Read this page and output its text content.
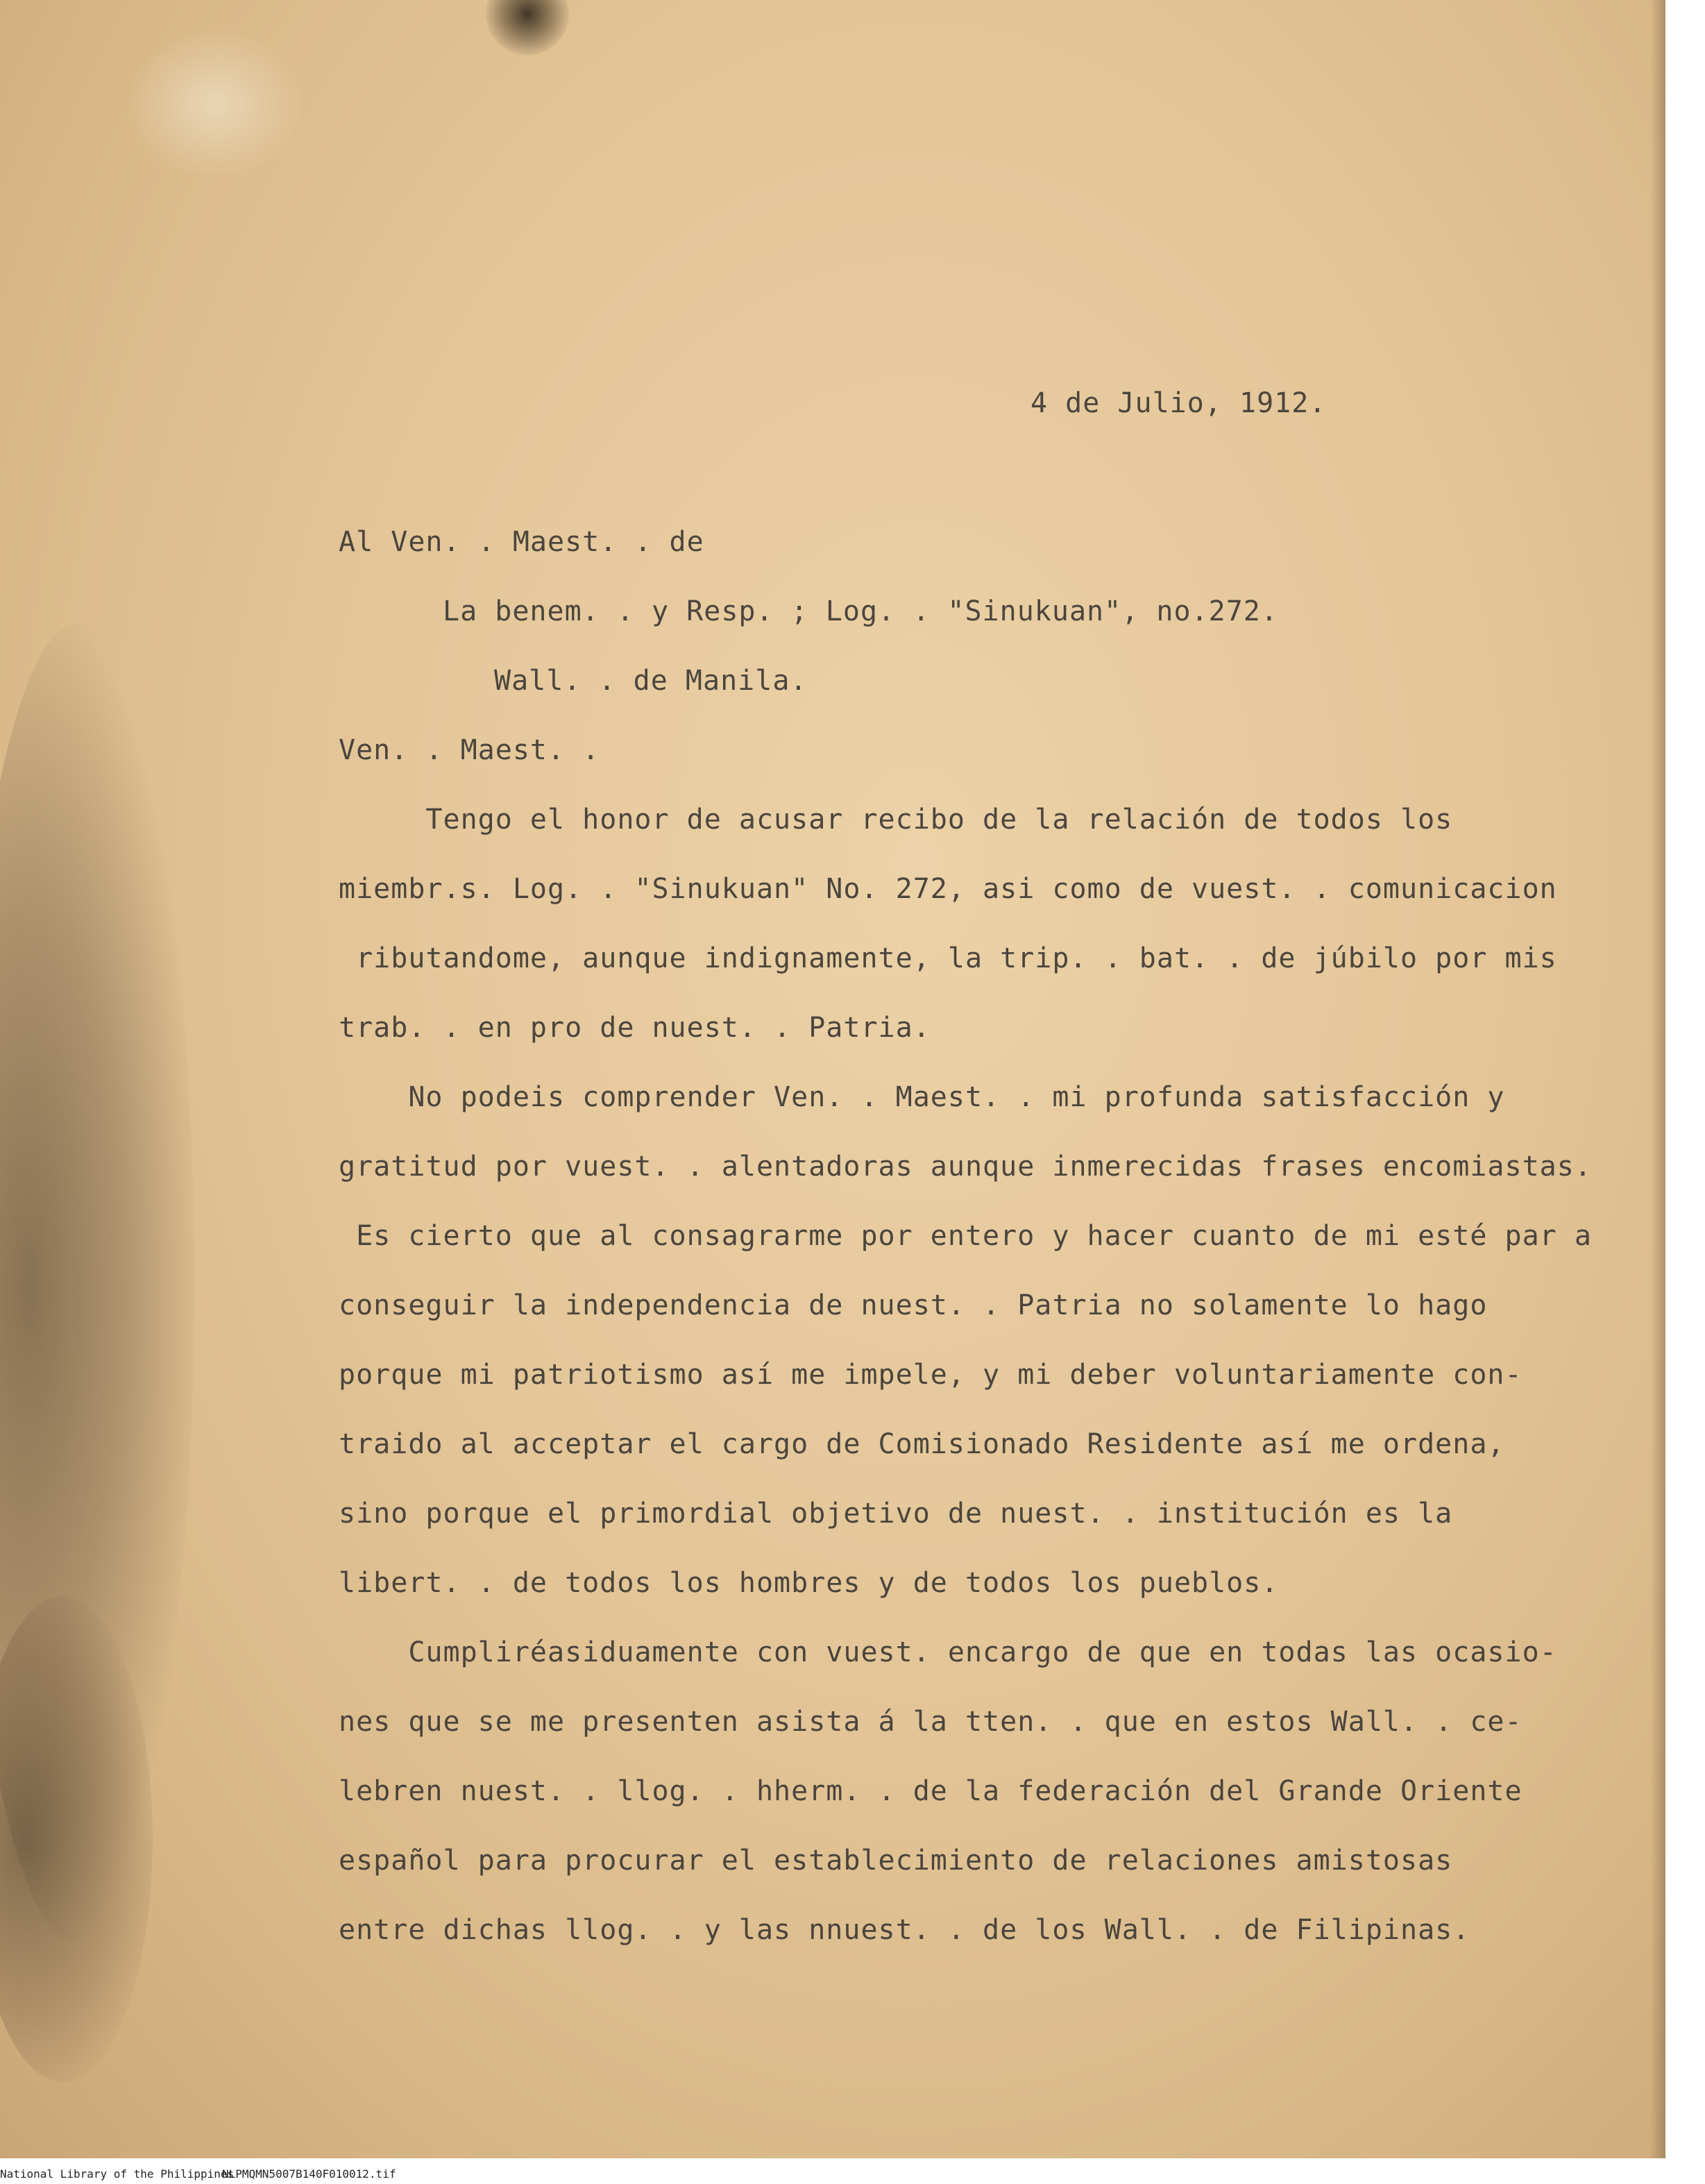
4 de Julio, 1912.
Al Ven. . Maest. . de
La benem. . y Resp. ; Log. . "Sinukuan", no.272.
Wall. . de Manila.
Ven. . Maest. .
Tengo el honor de acusar recibo de la relación de todos los
miembr.s. Log. . "Sinukuan" No. 272, asi como de vuest. . comunicacion
ributandome, aunque indignamente, la trip. . bat. . de júbilo por mis
trab. . en pro de nuest. . Patria.
No podeis comprender Ven. . Maest. . mi profunda satisfacción y
gratitud por vuest. . alentadoras aunque inmerecidas frases encomiastas.
Es cierto que al consagrarme por entero y hacer cuanto de mi esté par a
conseguir la independencia de nuest. . Patria no solamente lo hago
porque mi patriotismo así me impele, y mi deber voluntariamente con-
traido al acceptar el cargo de Comisionado Residente así me ordena,
sino porque el primordial objetivo de nuest. . institución es la
libert. . de todos los hombres y de todos los pueblos.
Cumpliréasiduamente con vuest. encargo de que en todas las ocasio-
nes que se me presenten asista á la tten. . que en estos Wall. . ce-
lebren nuest. . llog. . hherm. . de la federación del Grande Oriente
español para procurar el establecimiento de relaciones amistosas
entre dichas llog. . y las nnuest. . de los Wall. . de Filipinas.
National Library of the Philippines
NLPMQMN5007B140F010012.tif
